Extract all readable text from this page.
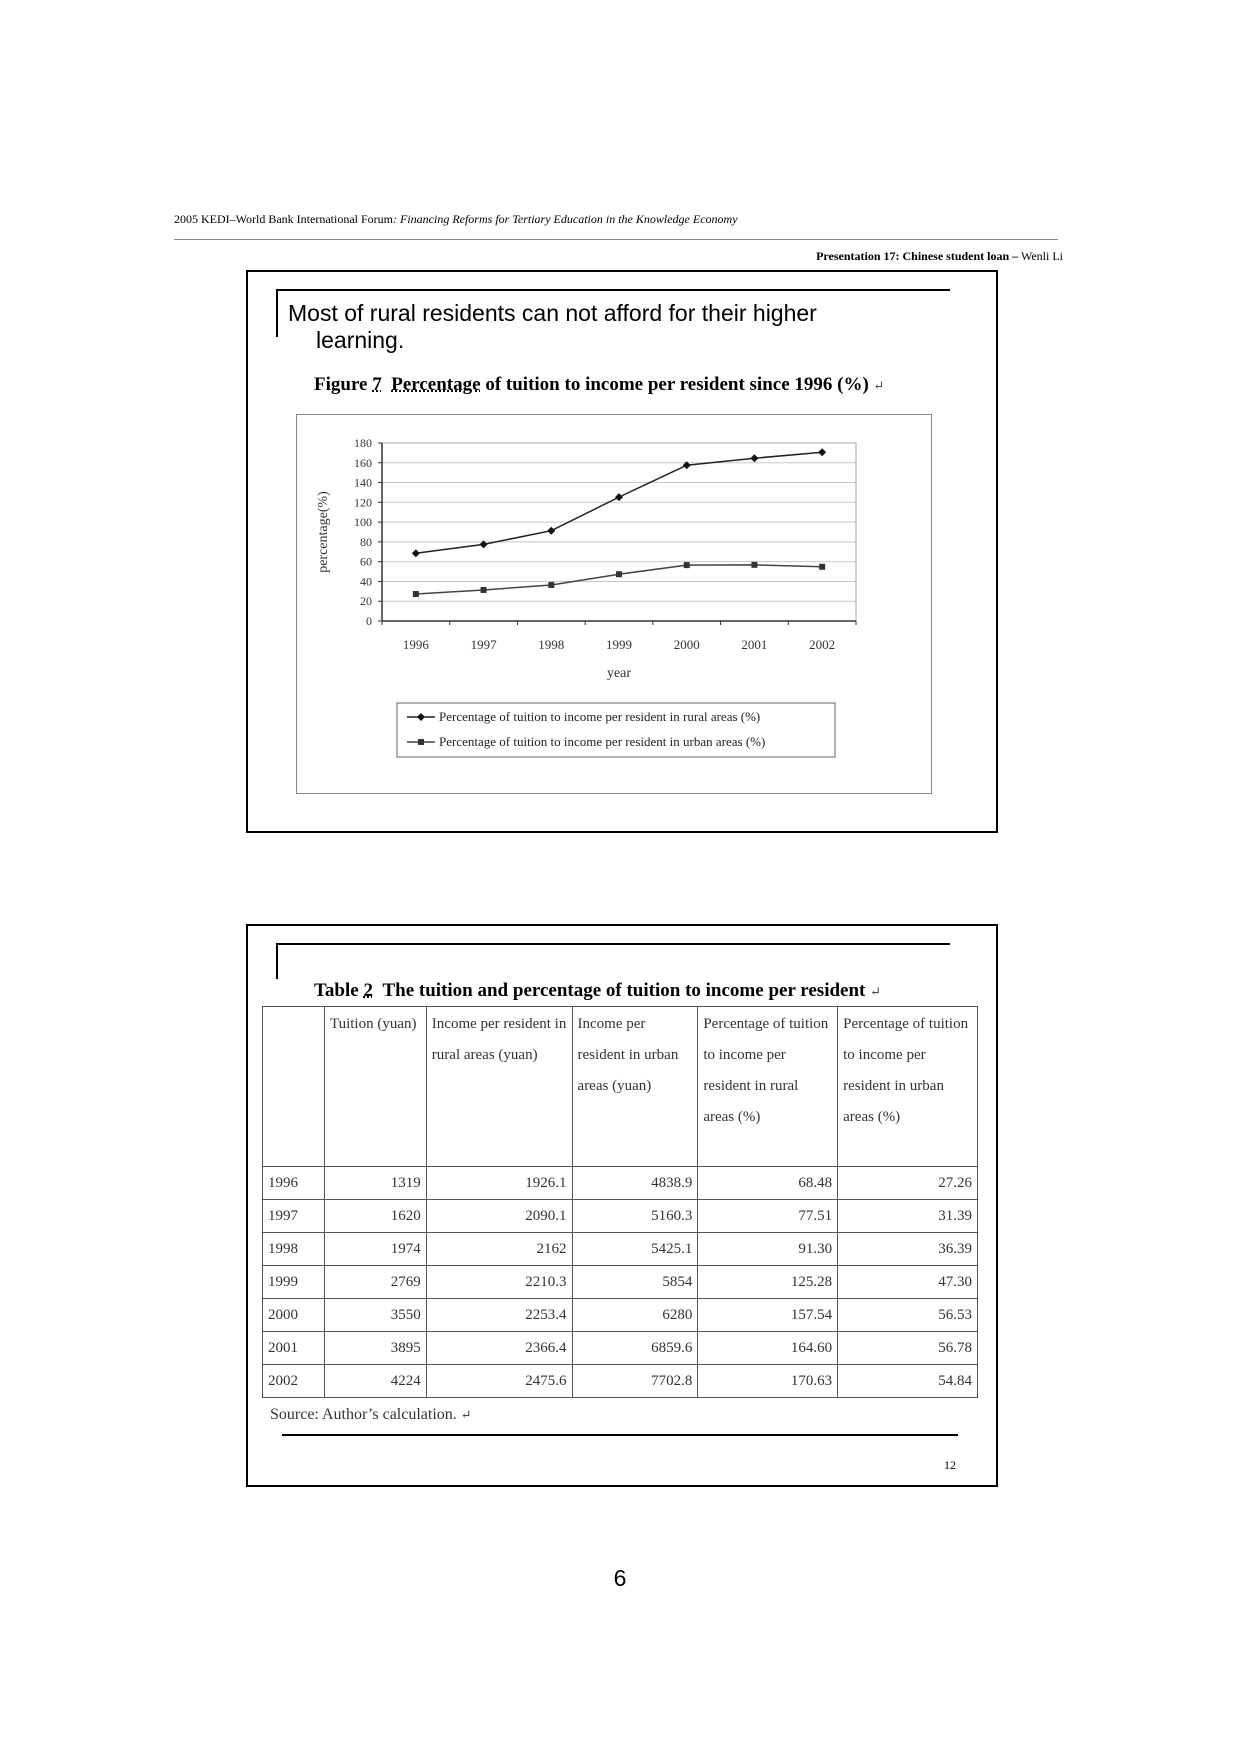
2005 KEDI–World Bank International Forum: Financing Reforms for Tertiary Education in the Knowledge Economy
Presentation 17: Chinese student loan – Wenli Li
Most of rural residents can not afford for their higher
learning.
Figure 7 Percentage of tuition to income per resident since 1996 (%) ↵
0
20
40
60
80
100
120
140
160
180
1996	1997	1998	1999	2000	2001	2002
year
percentage(%)
Percentage of tuition to income per resident in rural areas (%)
Percentage of tuition to income per resident in urban areas (%)
Table 2 The tuition and percentage of tuition to income per resident ↵
	Tuition (yuan)	Income per resident in rural areas (yuan)	Income per resident in urban areas (yuan)	Percentage of tuition to income per resident in rural areas (%)	Percentage of tuition to income per resident in urban areas (%)
1996	1319	1926.1	4838.9	68.48	27.26
1997	1620	2090.1	5160.3	77.51	31.39
1998	1974	2162	5425.1	91.30	36.39
1999	2769	2210.3	5854	125.28	47.30
2000	3550	2253.4	6280	157.54	56.53
2001	3895	2366.4	6859.6	164.60	56.78
2002	4224	2475.6	7702.8	170.63	54.84
Source: Author’s calculation. ↵
12
6
